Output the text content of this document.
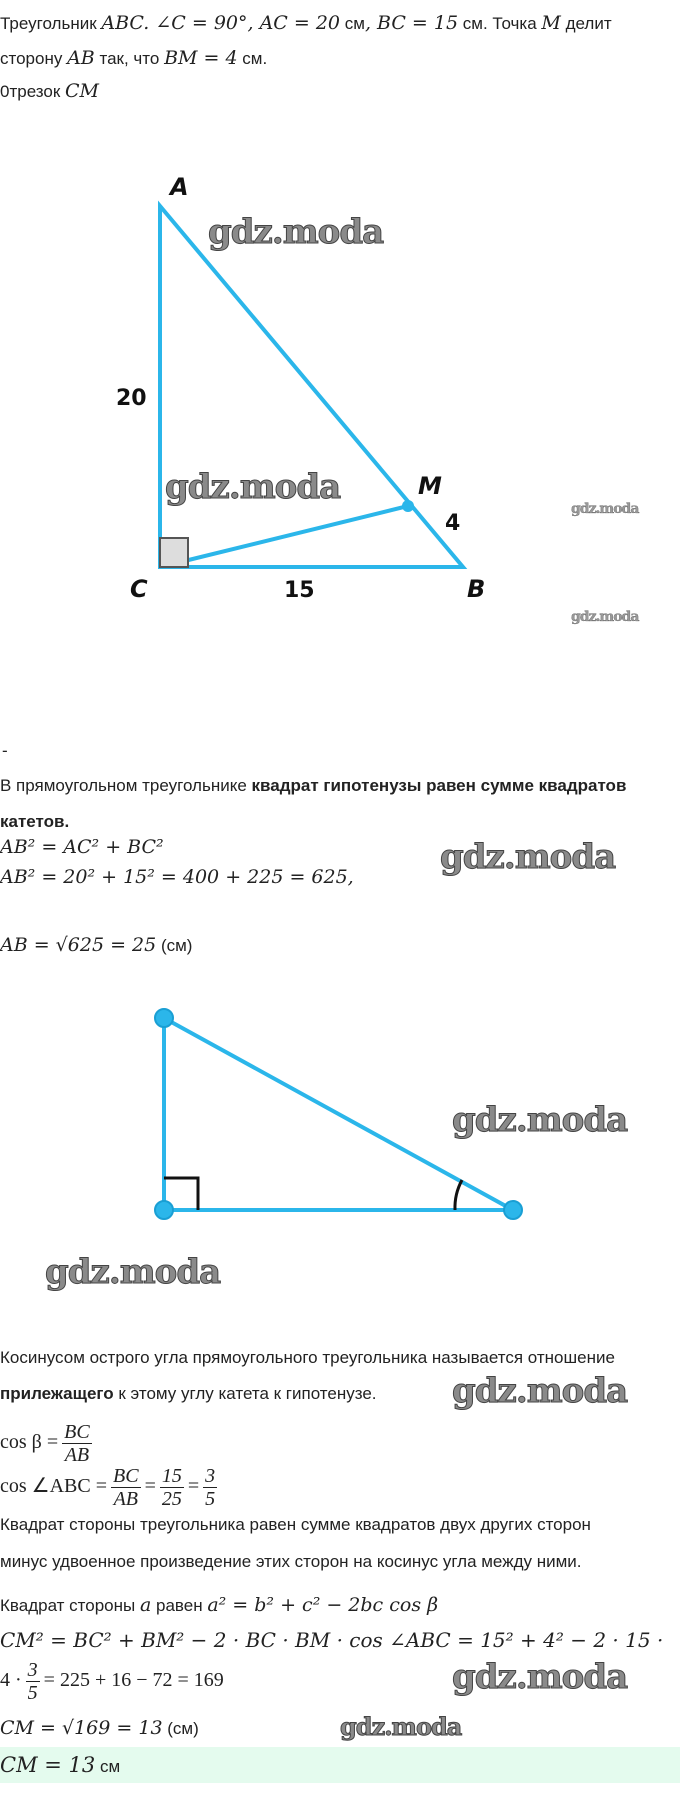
Треугольник ABC. ∠C = 90°, AC = 20 см, BC = 15 см. Точка M делит
сторону AB так, что BM = 4 см.
0трезок CM
A
20
M
4
C	15	B
gdz.moda
gdz.moda
gdz.moda
gdz.moda
-
В прямоугольном треугольнике квадрат гипотенузы равен сумме квадратов
катетов.
AB² = AC² + BC²
AB² = 20² + 15² = 400 + 225 = 625,
AB = √625 = 25 (см)
gdz.moda
gdz.moda
gdz.moda
Косинусом острого угла прямоугольного треугольника называется отношение
прилежащего к этому углу катета к гипотенузе. gdz.moda
$\cos \beta = \frac{BC}{AB}$
cos ∠ABC = $\frac{BC}{AB} = \frac{15}{25} = \frac{3}{5}$
Квадрат стороны треугольника равен сумме квадратов двух других сторон
минус удвоенное произведение этих сторон на косинус угла между ними.
Квадрат стороны a равен a² = b² + c² − 2bc cos β
CM² = BC² + BM² − 2 · BC · BM · cos ∠ABC = 15² + 4² − 2 · 15 ·
$4 \cdot \frac{3}{5} = 225 + 16 - 72 = 169$	gdz.moda
gdz.moda
CM = √169 = 13 (см)
CM = 13 см
